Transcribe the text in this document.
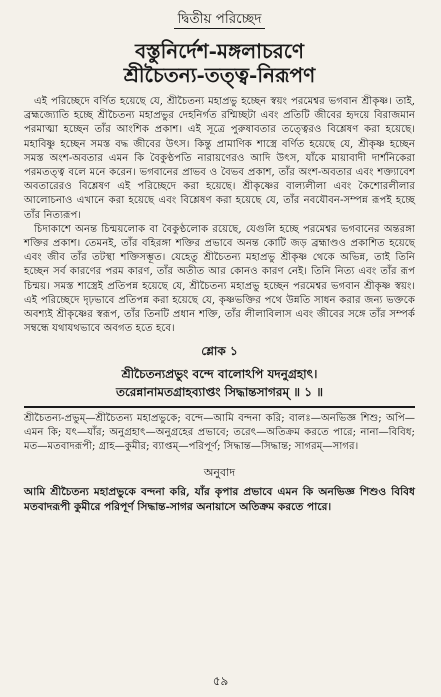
দ্বিতীয় পরিচ্ছেদ
বস্তুনির্দেশ-মঙ্গলাচরণে
শ্রীচৈতন্য-তত্ত্ব-নিরূপণ

এই পরিচ্ছেদে বর্ণিত হয়েছে যে, শ্রীচৈতন্য মহাপ্রভু হচ্ছেন স্বয়ং পরমেশ্বর ভগবান শ্রীকৃষ্ণ। তাই, ব্রহ্মজ্যোতি হচ্ছে শ্রীচৈতন্য মহাপ্রভুর দেহনির্গত রশ্মিচ্ছটা এবং প্রতিটি জীবের হৃদয়ে বিরাজমান পরমাত্মা হচ্ছেন তাঁর আংশিক প্রকাশ। এই সূত্রে পুরুষাবতার তত্ত্বেরও বিশ্লেষণ করা হয়েছে। মহাবিষ্ণু হচ্ছেন সমস্ত বদ্ধ জীবের উৎস। কিন্তু প্রামাণিক শাস্ত্রে বর্ণিত হয়েছে যে, শ্রীকৃষ্ণ হচ্ছেন সমস্ত অংশ-অবতার এমন কি বৈকুণ্ঠপতি নারায়ণেরও আদি উৎস, যাঁকে মায়াবাদী দার্শনিকেরা পরমতত্ত্ব বলে মনে করেন। ভগবানের প্রাভব ও বৈভব প্রকাশ, তাঁর অংশ-অবতার এবং শক্ত্যাবেশ অবতারেরও বিশ্লেষণ এই পরিচ্ছেদে করা হয়েছে। শ্রীকৃষ্ণের বাল্যলীলা এবং কৈশোরলীলার আলোচনাও এখানে করা হয়েছে এবং বিশ্লেষণ করা হয়েছে যে, তাঁর নবযৌবন-সম্পন্ন রূপই হচ্ছে তাঁর নিত্যরূপ।

চিদাকাশে অনন্ত চিন্ময়লোক বা বৈকুণ্ঠলোক রয়েছে, যেগুলি হচ্ছে পরমেশ্বর ভগবানের অন্তরঙ্গা শক্তির প্রকাশ। তেমনই, তাঁর বহিরঙ্গা শক্তির প্রভাবে অনন্ত কোটি জড় ব্রহ্মাণ্ডও প্রকাশিত হয়েছে এবং জীব তাঁর তটস্থা শক্তিসম্ভূত। যেহেতু শ্রীচৈতন্য মহাপ্রভু শ্রীকৃষ্ণ থেকে অভিন্ন, তাই তিনি হচ্ছেন সর্ব কারণের পরম কারণ, তাঁর অতীত আর কোনও কারণ নেই। তিনি নিত্য এবং তাঁর রূপ চিন্ময়। সমস্ত শাস্ত্রেই প্রতিপন্ন হয়েছে যে, শ্রীচৈতন্য মহাপ্রভু হচ্ছেন পরমেশ্বর ভগবান শ্রীকৃষ্ণ স্বয়ং। এই পরিচ্ছেদে দৃঢ়ভাবে প্রতিপন্ন করা হয়েছে যে, কৃষ্ণভক্তির পথে উন্নতি সাধন করার জন্য ভক্তকে অবশ্যই শ্রীকৃষ্ণের স্বরূপ, তাঁর তিনটি প্রধান শক্তি, তাঁর লীলাবিলাস এবং জীবের সঙ্গে তাঁর সম্পর্ক সম্বন্ধে যথাযথভাবে অবগত হতে হবে।

শ্লোক ১
শ্রীচৈতন্যপ্রভুং বন্দে বালোঽপি যদনুগ্রহাৎ।
তরেন্নানামতগ্রাহব্যাপ্তং সিদ্ধান্তসাগরম্ ॥ ১ ॥

শ্রীচৈতন্য-প্রভুম্—শ্রীচৈতন্য মহাপ্রভুকে; বন্দে—আমি বন্দনা করি; বালঃ—অনভিজ্ঞ শিশু; অপি—এমন কি; যৎ—যাঁর; অনুগ্রহাৎ—অনুগ্রহের প্রভাবে; তরেৎ—অতিক্রম করতে পারে; নানা—বিবিধ; মত—মতবাদরূপী; গ্রাহ—কুমীর; ব্যাপ্তম্—পরিপূর্ণ; সিদ্ধান্ত—সিদ্ধান্ত; সাগরম্—সাগর।

অনুবাদ

আমি শ্রীচৈতন্য মহাপ্রভুকে বন্দনা করি, যাঁর কৃপার প্রভাবে এমন কি অনভিজ্ঞ শিশুও বিবিধ মতবাদরূপী কুমীরে পরিপূর্ণ সিদ্ধান্ত-সাগর অনায়াসে অতিক্রম করতে পারে।

৫৯
